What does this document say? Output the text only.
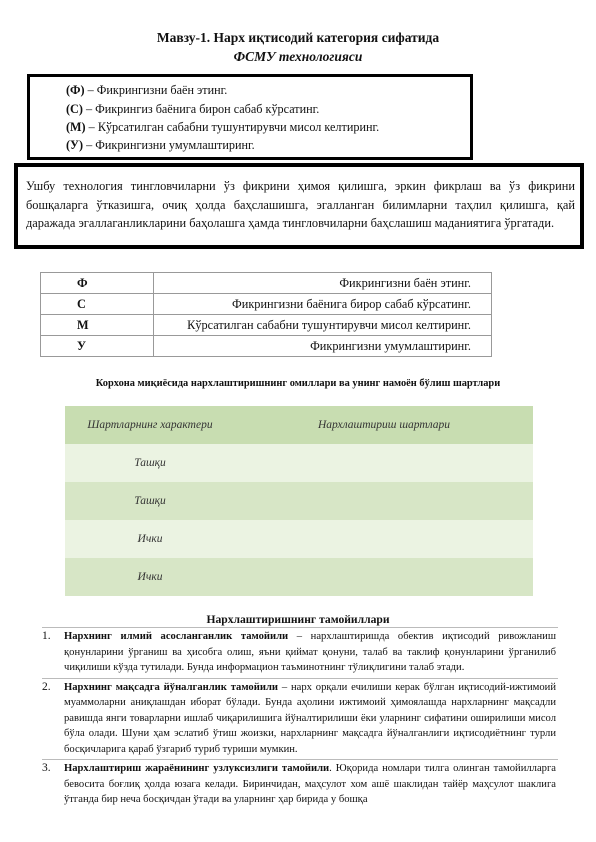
Мавзу-1. Нарх иқтисодий категория сифатида
ФСМУ технологияси
(Ф) – Фикрингизни баён этинг.
(С) – Фикрингиз баёнига бирон сабаб кўрсатинг.
(М) – Кўрсатилган сабабни тушунтирувчи мисол келтиринг.
(У) – Фикрингизни умумлаштиринг.
Ушбу технология тингловчиларни ўз фикрини ҳимоя қилишга, эркин фикрлаш ва ўз фикрини бошқаларга ўтказишга, очиқ ҳолда баҳслашишга, эгалланган билимларни таҳлил қилишга, қай даражада эгаллаганликларини баҳолашга ҳамда тингловчиларни баҳслашиш маданиятига ўргатади.
Ф	Фикрингизни баён этинг.
С	Фикрингизни баёнига бирор сабаб кўрсатинг.
М	Кўрсатилган сабабни тушунтирувчи мисол келтиринг.
У	Фикрингизни умумлаштиринг.
Корхона миқиёсида нархлаштиришнинг омиллари ва унинг намоён бўлиш шартлари
Шартларнинг характери	Нархлаштириш шартлари
Ташқи
Ташқи
Ички
Ички
Нархлаштиришнинг тамойиллари
1.	Нархнинг илмий асосланганлик тамойили – нархлаштиришда обектив иқтисодий ривожланиш қонунларини ўрганиш ва ҳисобга олиш, яъни қиймат қонуни, талаб ва таклиф қонунларини ўрганилиб чиқилиши кўзда тутилади. Бунда информацион таъминотнинг тўлиқлигини талаб этади.
2.	Нархнинг мақсадга йўналганлик тамойили – нарх орқали ечилиши керак бўлган иқтисодий-ижтимоий муаммоларни аниқлашдан иборат бўлади. Бунда аҳолини ижтимоий ҳимоялашда нархларнинг мақсадли равишда янги товарларни ишлаб чиқарилишига йўналтирилиши ёки уларнинг сифатини оширилиши мисол бўла олади. Шуни ҳам эслатиб ўтиш жоизки, нархларнинг мақсадга йўналганлиги иқтисодиётнинг турли босқичларига қараб ўзгариб туриб туриши мумкин.
3.	Нархлаштириш жараёнининг узлуксизлиги тамойили. Юқорида номлари тилга олинган тамойилларга бевосита боғлиқ ҳолда юзага келади. Биринчидан, маҳсулот хом ашё шаклидан тайёр маҳсулот шаклига ўтганда бир неча босқичдан ўтади ва уларнинг ҳар бирида у бошқа
